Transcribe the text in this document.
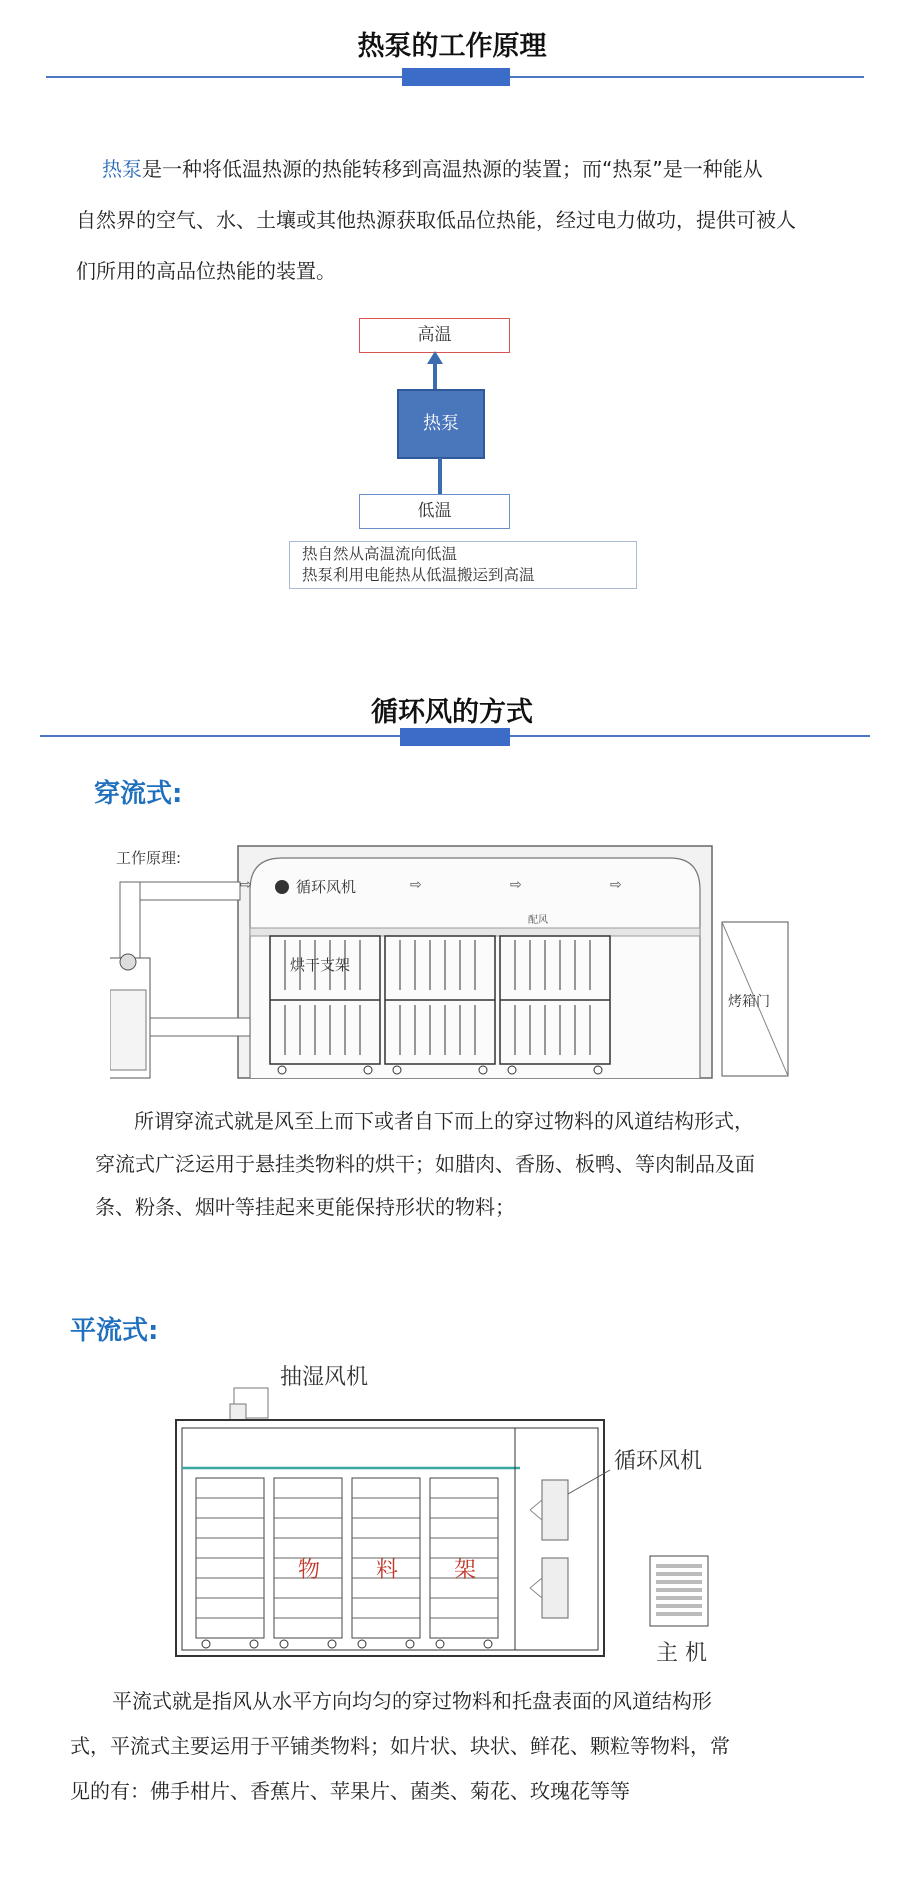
热泵的工作原理
热泵是一种将低温热源的热能转移到高温热源的装置；而“热泵”是一种能从
自然界的空气、水、土壤或其他热源获取低品位热能，经过电力做功，提供可被人
们所用的高品位热能的装置。
高温
热泵
低温
热自然从高温流向低温
热泵利用电能热从低温搬运到高温
循环风的方式
穿流式:
工作原理:
循环风机
配风
⇨	⇨	⇨	⇨
烘干支架
烤箱门
所谓穿流式就是风至上而下或者自下而上的穿过物料的风道结构形式，
穿流式广泛运用于悬挂类物料的烘干；如腊肉、香肠、板鸭、等肉制品及面
条、粉条、烟叶等挂起来更能保持形状的物料；
平流式:
抽湿风机
物	料	架
循环风机
主 机
平流式就是指风从水平方向均匀的穿过物料和托盘表面的风道结构形
式，平流式主要运用于平铺类物料；如片状、块状、鲜花、颗粒等物料，常
见的有：佛手柑片、香蕉片、苹果片、菌类、菊花、玫瑰花等等
